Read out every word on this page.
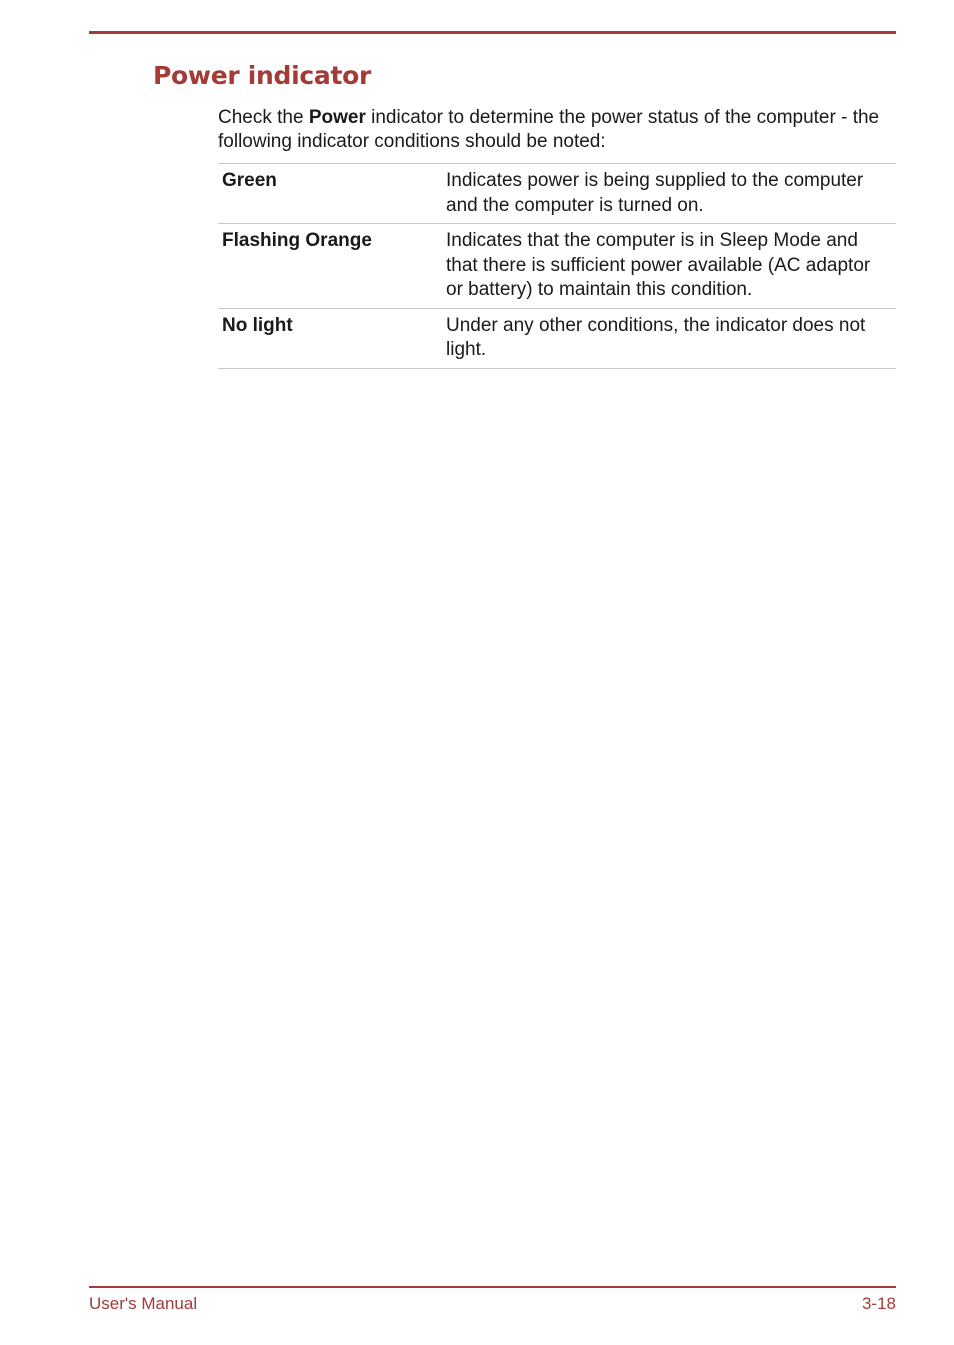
Power indicator

Check the Power indicator to determine the power status of the computer - the following indicator conditions should be noted:

Green	Indicates power is being supplied to the computer and the computer is turned on.
Flashing Orange	Indicates that the computer is in Sleep Mode and that there is sufficient power available (AC adaptor or battery) to maintain this condition.
No light	Under any other conditions, the indicator does not light.
User's Manual	3-18
